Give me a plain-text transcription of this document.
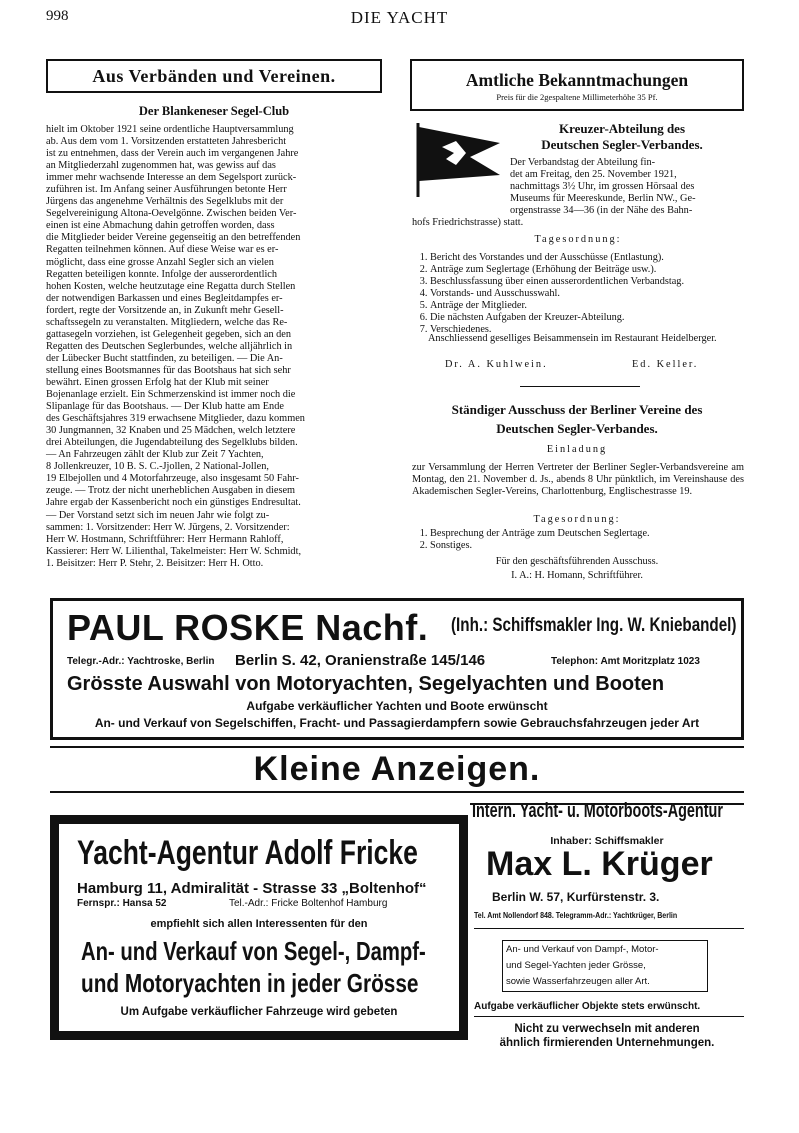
998	DIE YACHT
Aus Verbänden und Vereinen.
Der Blankeneser Segel-Club

hielt im Oktober 1921 seine ordentliche Hauptversammlung

ab. Aus dem vom 1. Vorsitzenden erstatteten Jahresbericht

ist zu entnehmen, dass der Verein auch im vergangenen Jahre

an Mitgliederzahl zugenommen hat, was gewiss auf das

immer mehr wachsende Interesse an dem Segelsport zurück-

zuführen ist. Im Anfang seiner Ausführungen betonte Herr

Jürgens das angenehme Verhältnis des Segelklubs mit der

Segelvereinigung Altona-Oevelgönne. Zwischen beiden Ver-

einen ist eine Abmachung dahin getroffen worden, dass

die Mitglieder beider Vereine gegenseitig an den betreffenden

Regatten teilnehmen können. Auf diese Weise war es er-

möglicht, dass eine grosse Anzahl Segler sich an vielen

Regatten beteiligen konnte. Infolge der ausserordentlich

hohen Kosten, welche heutzutage eine Regatta durch Stellen

der notwendigen Barkassen und eines Begleitdampfes er-

fordert, regte der Vorsitzende an, in Zukunft mehr Gesell-

schaftssegeln zu veranstalten. Mitgliedern, welche das Re-

gattasegeln vorziehen, ist Gelegenheit gegeben, sich an den

Regatten des Deutschen Seglerbundes, welche alljährlich in

der Lübecker Bucht stattfinden, zu beteiligen. — Die An-

stellung eines Bootsmannes für das Bootshaus hat sich sehr

bewährt. Einen grossen Erfolg hat der Klub mit seiner

Bojenanlage erzielt. Ein Schmerzenskind ist immer noch die

Slipanlage für das Bootshaus. — Der Klub hatte am Ende

des Geschäftsjahres 319 erwachsene Mitglieder, dazu kommen

30 Jungmannen, 32 Knaben und 25 Mädchen, welch letztere

drei Abteilungen, die Jugendabteilung des Segelklubs bilden.

— An Fahrzeugen zählt der Klub zur Zeit 7 Yachten,

8 Jollenkreuzer, 10 B. S. C.-Jjollen, 2 National-Jollen,

19 Elbejollen und 4 Motorfahrzeuge, also insgesamt 50 Fahr-

zeuge. — Trotz der nicht unerheblichen Ausgaben in diesem

Jahre ergab der Kassenbericht noch ein günstiges Endresultat.

— Der Vorstand setzt sich im neuen Jahr wie folgt zu-

sammen: 1. Vorsitzender: Herr W. Jürgens, 2. Vorsitzender:

Herr W. Hostmann, Schriftführer: Herr Hermann Rahloff,

Kassierer: Herr W. Lilienthal, Takelmeister: Herr W. Schmidt,

1. Beisitzer: Herr P. Stehr, 2. Beisitzer: Herr H. Otto.

Amtliche Bekanntmachungen
Preis für die 2gespaltene Millimeterhöhe 35 Pf.
Kreuzer-Abteilung des
Deutschen Segler-Verbandes.

Der Verbandstag der Abteilung fin-

det am Freitag, den 25. November 1921,

nachmittags 3½ Uhr, im grossen Hörsaal des

Museums für Meereskunde, Berlin NW., Ge-

orgenstrasse 34—36 (in der Nähe des Bahn-

hofs Friedrichstrasse) statt.
Tagesordnung:
1. Bericht des Vorstandes und der Ausschüsse (Entlastung).
2. Anträge zum Seglertage (Erhöhung der Beiträge usw.).
3. Beschlussfassung über einen ausserordentlichen Verbandstag.
4. Vorstands- und Ausschusswahl.
5. Anträge der Mitglieder.
6. Die nächsten Aufgaben der Kreuzer-Abteilung.
7. Verschiedenes.
Anschliessend geselliges Beisammensein im Restaurant Heidelberger.
Dr. A. Kuhlwein.	Ed. Keller.
Ständiger Ausschuss der Berliner Vereine des
Deutschen Segler-Verbandes.
Einladung
zur Versammlung der Herren Vertreter der Berliner Segler-Verbandsvereine am Montag, den 21. November d. Js., abends 8 Uhr pünktlich, im Vereinshause des Akademischen Segler-Vereins, Charlottenburg, Englischestrasse 19.
Tagesordnung:
1. Besprechung der Anträge zum Deutschen Seglertage.
2. Sonstiges.
Für den geschäftsführenden Ausschuss.
I. A.: H. Homann, Schriftführer.
PAUL ROSKE Nachf. (Inh.: Schiffsmakler Ing. W. Kniebandel)
Telegr.-Adr.: Yachtroske, Berlin Berlin S. 42, Oranienstraße 145/146	Telephon: Amt Moritzplatz 1023
Grösste Auswahl von Motoryachten, Segelyachten und Booten
Aufgabe verkäuflicher Yachten und Boote erwünscht
An- und Verkauf von Segelschiffen, Fracht- und Passagierdampfern sowie Gebrauchsfahrzeugen jeder Art
Kleine Anzeigen.
Yacht-Agentur Adolf Fricke
Hamburg 11, Admiralität - Strasse 33 „Boltenhof“
Fernspr.: Hansa 52	Tel.-Adr.: Fricke Boltenhof Hamburg
empfiehlt sich allen Interessenten für den
An- und Verkauf von Segel-, Dampf-
und Motoryachten in jeder Grösse
Um Aufgabe verkäuflicher Fahrzeuge wird gebeten
Intern. Yacht- u. Motorboots-Agentur
Inhaber: Schiffsmakler
Max L. Krüger
Berlin W. 57, Kurfürstenstr. 3.
Tel. Amt Nollendorf 848. Telegramm-Adr.: Yachtkrüger, Berlin
An- und Verkauf von Dampf-, Motor-
und Segel-Yachten jeder Grösse,
sowie Wasserfahrzeugen aller Art.
Aufgabe verkäuflicher Objekte stets erwünscht.
Nicht zu verwechseln mit anderen
ähnlich firmierenden Unternehmungen.
